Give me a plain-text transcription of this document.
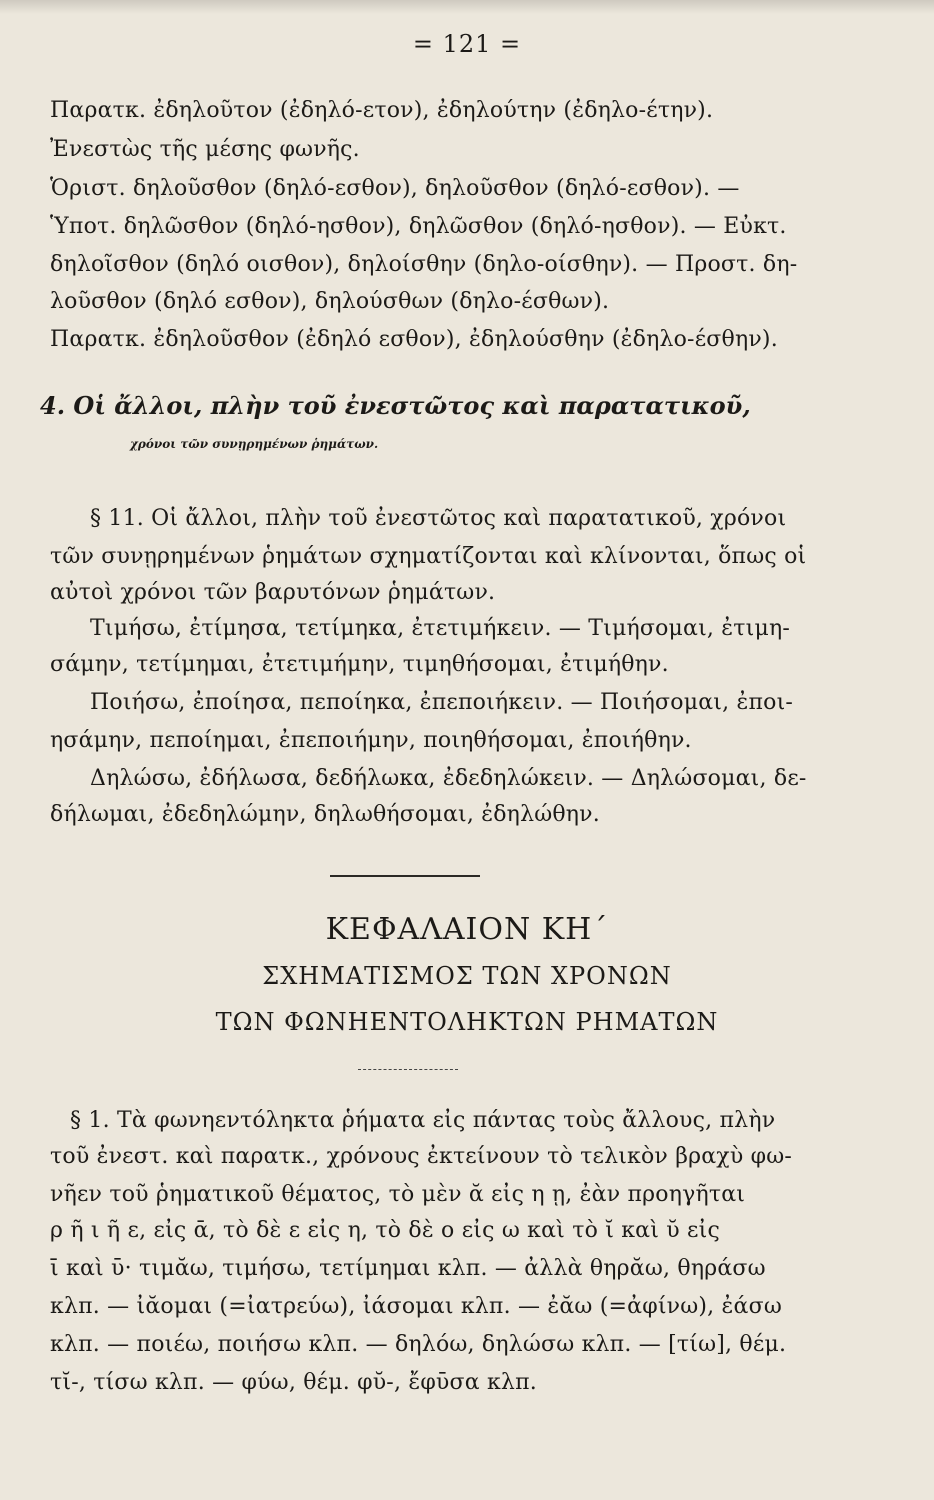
= 121 =
Παρατκ. ἐδηλοῦτον (ἐδηλό-ετον), ἐδηλούτην (ἐδηλο-έτην).
Ἐνεστὼς τῆς μέσης φωνῆς.
Ὁριστ. δηλοῦσθον (δηλό-εσθον), δηλοῦσθον (δηλό-εσθον). —
Ὑποτ. δηλῶσθον (δηλό-ησθον), δηλῶσθον (δηλό-ησθον). — Εὐκτ.
δηλοῖσθον (δηλό οισθον), δηλοίσθην (δηλο-οίσθην). — Προστ. δη-
λοῦσθον (δηλό εσθον), δηλούσθων (δηλο-έσθων).
Παρατκ. ἐδηλοῦσθον (ἐδηλό εσθον), ἐδηλούσθην (ἐδηλο-έσθην).
4. Οἱ ἄλλοι, πλὴν τοῦ ἐνεστῶτος καὶ παρατατικοῦ,
χρόνοι τῶν συνῃρημένων ῥημάτων.
§ 11. Οἱ ἄλλοι, πλὴν τοῦ ἐνεστῶτος καὶ παρατατικοῦ, χρόνοι
τῶν συνῃρημένων ῥημάτων σχηματίζονται καὶ κλίνονται, ὅπως οἱ
αὐτοὶ χρόνοι τῶν βαρυτόνων ῥημάτων.
Τιμήσω, ἐτίμησα, τετίμηκα, ἐτετιμήκειν. — Τιμήσομαι, ἐτιμη-
σάμην, τετίμημαι, ἐτετιμήμην, τιμηθήσομαι, ἐτιμήθην.
Ποιήσω, ἐποίησα, πεποίηκα, ἐπεποιήκειν. — Ποιήσομαι, ἐποι-
ησάμην, πεποίημαι, ἐπεποιήμην, ποιηθήσομαι, ἐποιήθην.
Δηλώσω, ἐδήλωσα, δεδήλωκα, ἐδεδηλώκειν. — Δηλώσομαι, δε-
δήλωμαι, ἐδεδηλώμην, δηλωθήσομαι, ἐδηλώθην.
ΚΕΦΑΛΑΙΟΝ ΚΗ΄
ΣΧΗΜΑΤΙΣΜΟΣ ΤΩΝ ΧΡΟΝΩΝ
ΤΩΝ ΦΩΝΗΕΝΤΟΛΗΚΤΩΝ ΡΗΜΑΤΩΝ
§ 1. Τὰ φωνηεντόληκτα ῥήματα εἰς πάντας τοὺς ἄλλους, πλὴν
τοῦ ἐνεστ. καὶ παρατκ., χρόνους ἐκτείνουν τὸ τελικὸν βραχὺ φω-
νῆεν τοῦ ῥηματικοῦ θέματος, τὸ μὲν ᾰ εἰς η ῃ, ἐὰν προηγῆται
ρ ῆ ι ῆ ε, εἰς ᾱ, τὸ δὲ ε εἰς η, τὸ δὲ ο εἰς ω καὶ τὸ ῐ καὶ ῠ εἰς
ῑ καὶ ῡ· τιμᾰω, τιμήσω, τετίμημαι κλπ. — ἀλλὰ θηρᾰω, θηράσω
κλπ. — ἰᾰομαι (=ἰατρεύω), ἰάσομαι κλπ. — ἐᾰω (=ἀφίνω), ἐάσω
κλπ. — ποιέω, ποιήσω κλπ. — δηλόω, δηλώσω κλπ. — [τίω], θέμ.
τῐ-, τίσω κλπ. — φύω, θέμ. φῠ-, ἔφῡσα κλπ.
